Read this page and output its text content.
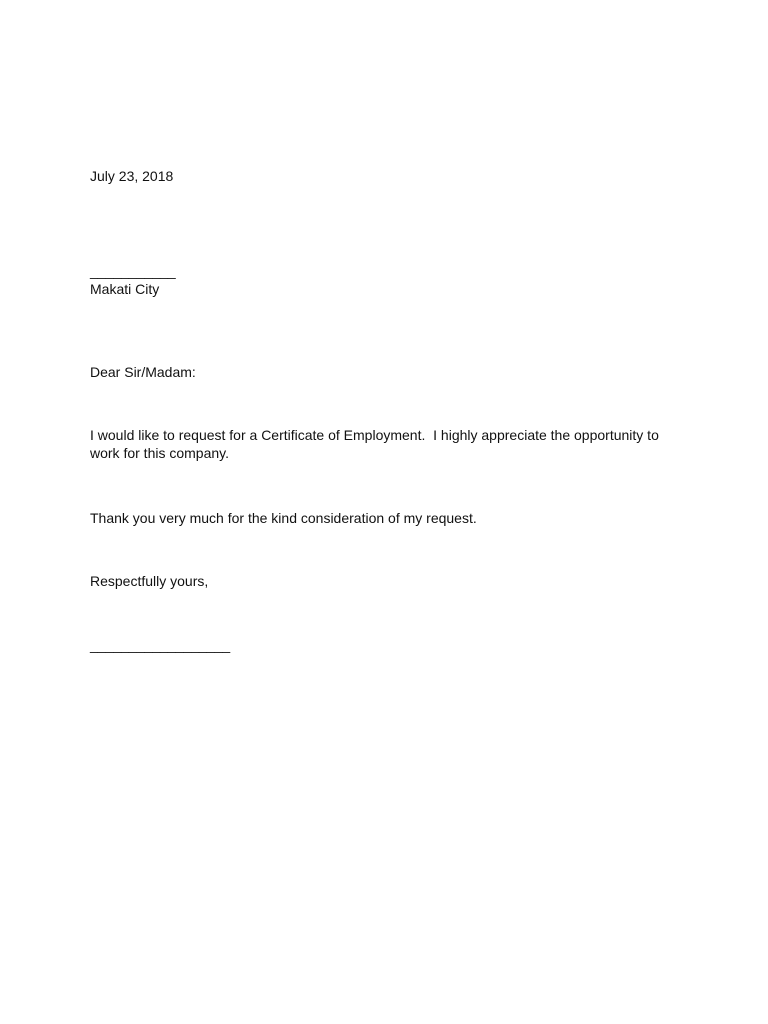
July 23, 2018
___________
Makati City
Dear Sir/Madam:
I would like to request for a Certificate of Employment.  I highly appreciate the opportunity to
work for this company.
Thank you very much for the kind consideration of my request.
Respectfully yours,
__________________
